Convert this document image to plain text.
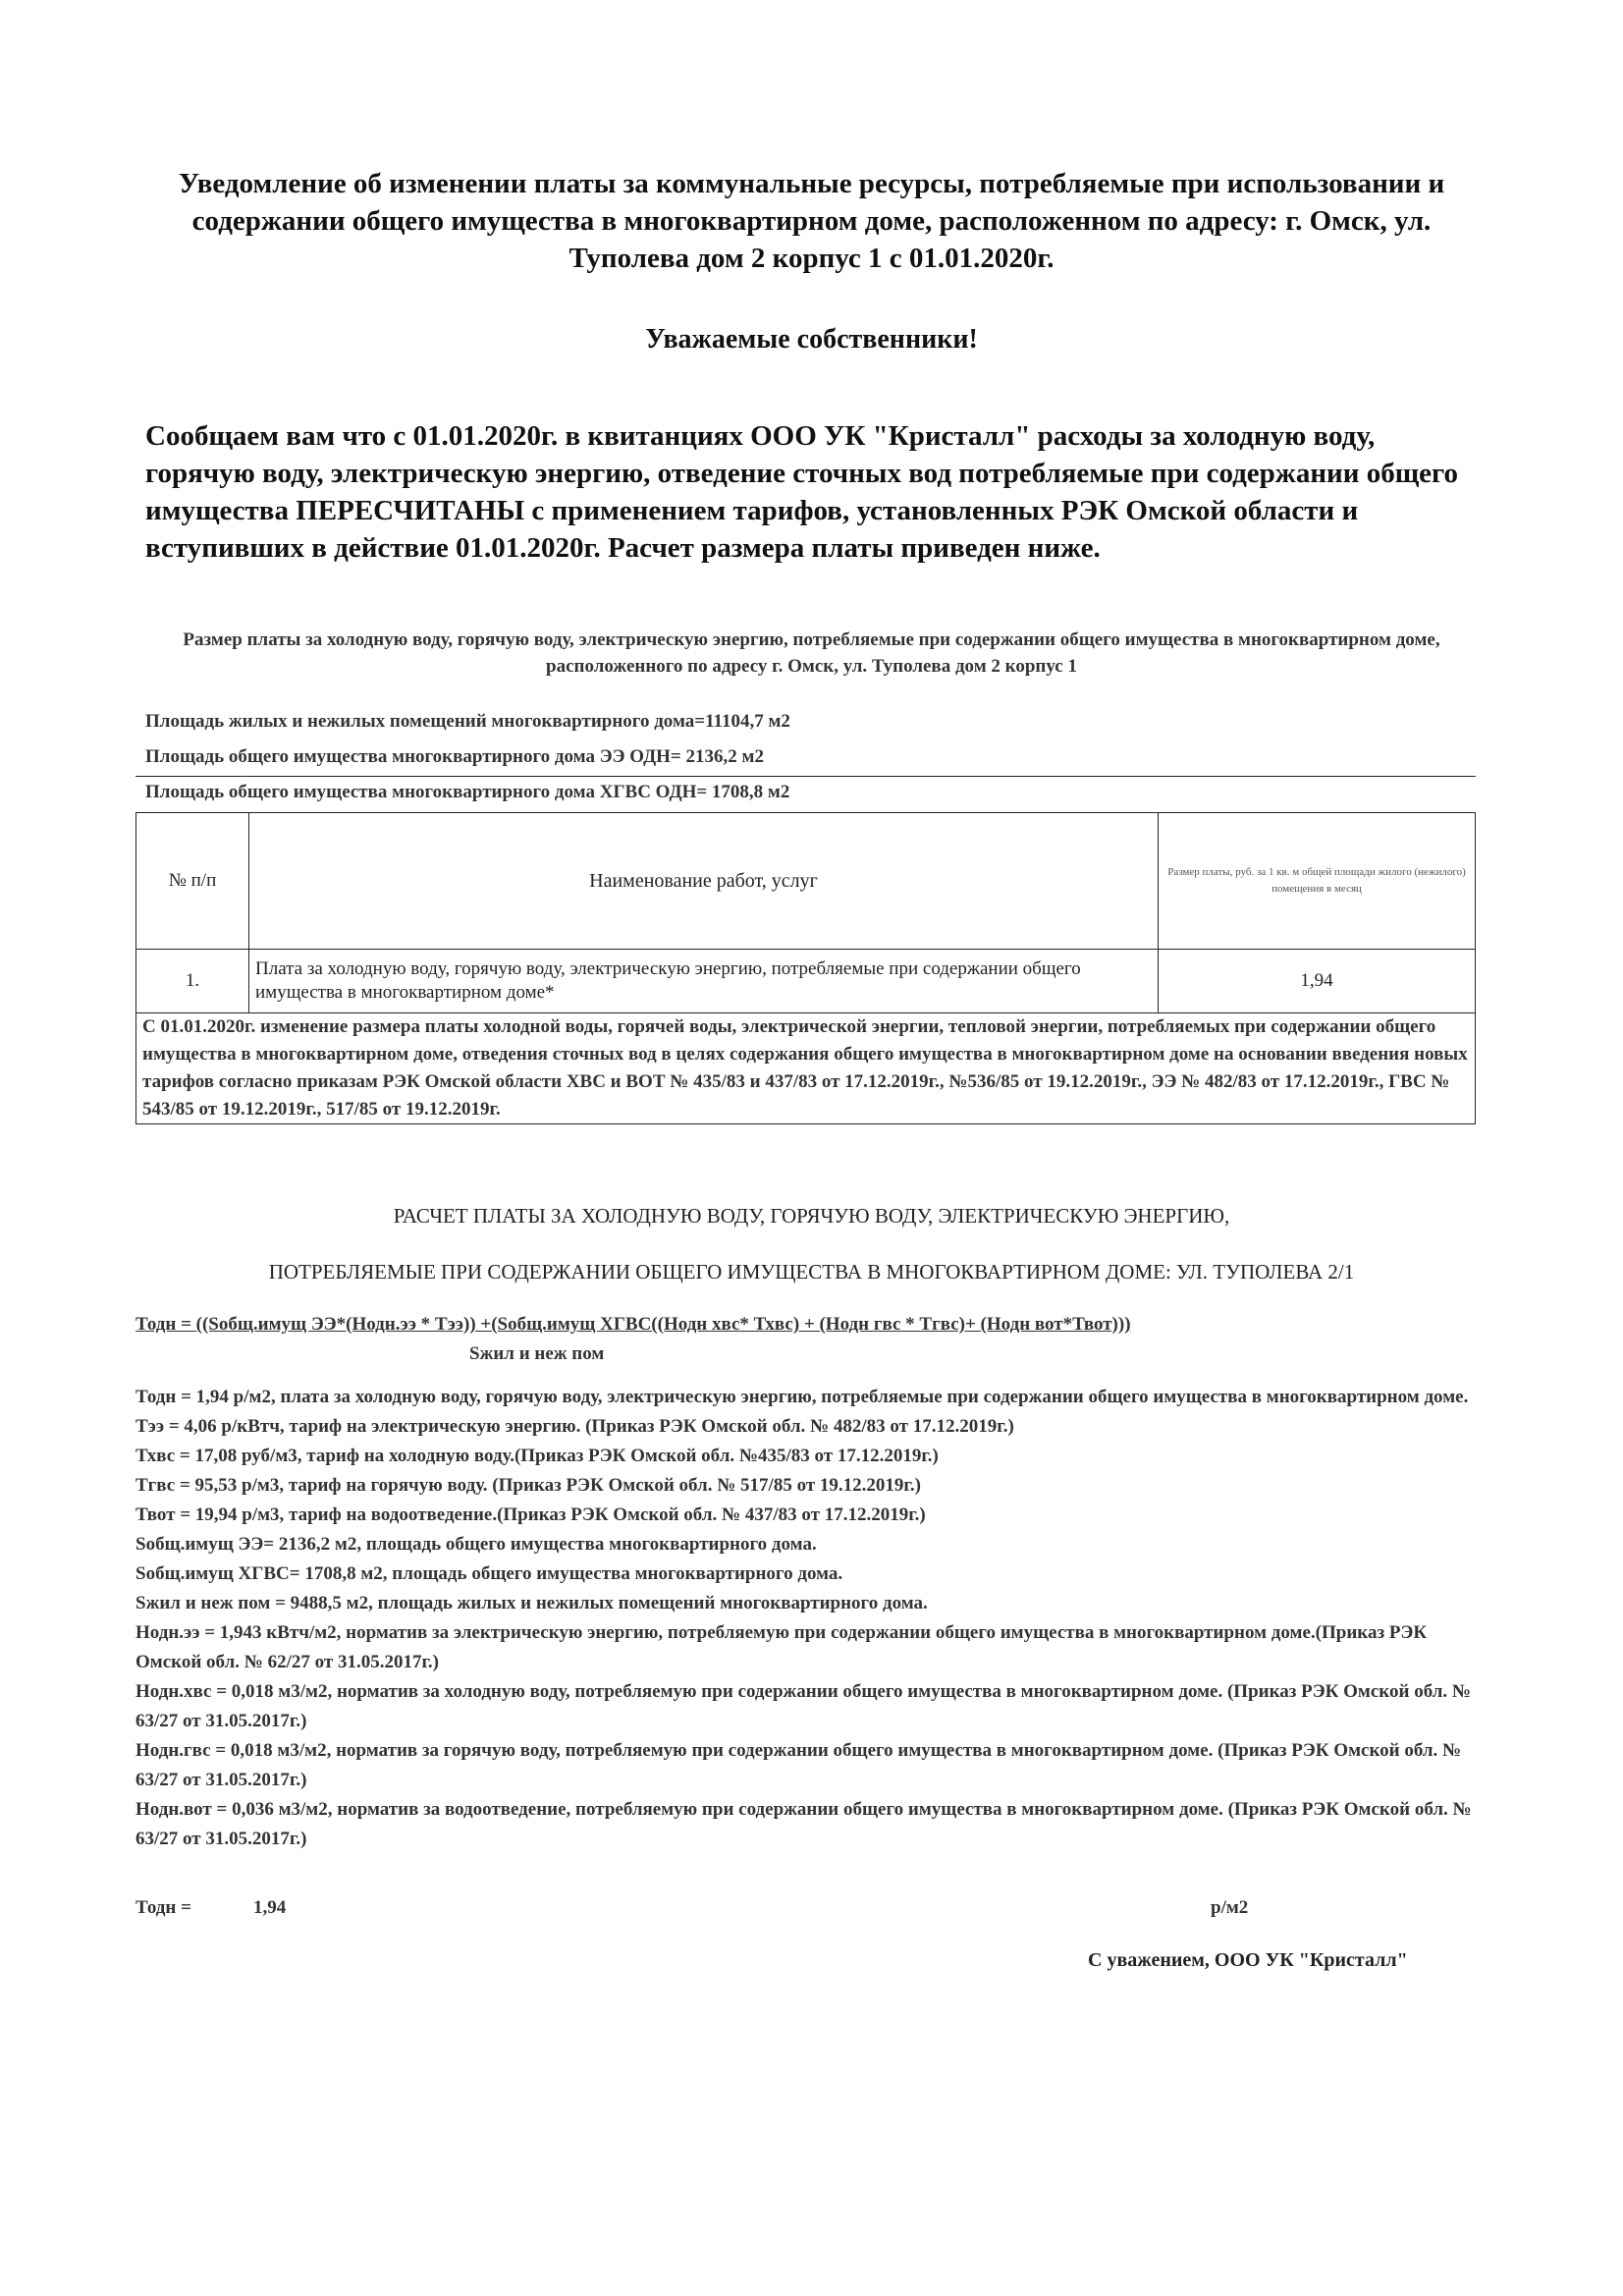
Уведомление об изменении платы за коммунальные ресурсы, потребляемые при использовании и содержании общего имущества в многоквартирном доме, расположенном по адресу: г. Омск, ул. Туполева дом 2 корпус 1 с 01.01.2020г.
Уважаемые собственники!
Сообщаем вам что с 01.01.2020г. в квитанциях ООО УК "Кристалл" расходы за холодную воду, горячую воду, электрическую энергию, отведение сточных вод потребляемые при содержании общего имущества ПЕРЕСЧИТАНЫ с применением тарифов, установленных РЭК Омской области и вступивших в действие 01.01.2020г. Расчет размера платы приведен ниже.
Размер платы за холодную воду, горячую воду, электрическую энергию, потребляемые при содержании общего имущества в многоквартирном доме, расположенного по адресу г. Омск, ул. Туполева дом 2 корпус 1
Площадь жилых и нежилых помещений многоквартирного дома=11104,7 м2
Площадь общего имущества многоквартирного дома ЭЭ ОДН= 2136,2 м2
Площадь общего имущества многоквартирного дома ХГВС ОДН= 1708,8 м2
№ п/п	Наименование работ, услуг	Размер платы, руб. за 1 кв. м общей площади жилого (нежилого) помещения в месяц
1.	Плата за холодную воду, горячую воду, электрическую энергию, потребляемые при содержании общего имущества в многоквартирном доме*	1,94
С 01.01.2020г. изменение размера платы холодной воды, горячей воды, электрической энергии, тепловой энергии, потребляемых при содержании общего имущества в многоквартирном доме, отведения сточных вод в целях содержания общего имущества в многоквартирном доме на основании введения новых тарифов согласно приказам РЭК Омской области ХВС и ВОТ № 435/83 и 437/83 от 17.12.2019г., №536/85 от 19.12.2019г., ЭЭ № 482/83 от 17.12.2019г., ГВС № 543/85 от 19.12.2019г., 517/85 от 19.12.2019г.		
РАСЧЕТ ПЛАТЫ ЗА ХОЛОДНУЮ ВОДУ, ГОРЯЧУЮ ВОДУ, ЭЛЕКТРИЧЕСКУЮ ЭНЕРГИЮ,
ПОТРЕБЛЯЕМЫЕ ПРИ СОДЕРЖАНИИ ОБЩЕГО ИМУЩЕСТВА В МНОГОКВАРТИРНОМ ДОМЕ: УЛ. ТУПОЛЕВА 2/1
Тодн = ((Sобщ.имущ ЭЭ*(Нодн.ээ * Тээ)) +(Sобщ.имущ ХГВС((Нодн хвс* Тхвс) + (Нодн гвс * Тгвс)+ (Нодн вот*Твот)))
Sжил и неж пом

Тодн = 1,94 р/м2, плата за холодную воду, горячую воду, электрическую энергию, потребляемые при содержании общего имущества в многоквартирном доме.

Тээ = 4,06 р/кВтч, тариф на электрическую энергию. (Приказ РЭК Омской обл. № 482/83 от 17.12.2019г.)

Тхвс = 17,08 руб/м3, тариф на холодную воду.(Приказ РЭК Омской обл. №435/83 от 17.12.2019г.)

Тгвс = 95,53 р/м3, тариф на горячую воду. (Приказ РЭК Омской обл. № 517/85 от 19.12.2019г.)

Твот = 19,94 р/м3, тариф на водоотведение.(Приказ РЭК Омской обл. № 437/83 от 17.12.2019г.)

Sобщ.имущ ЭЭ= 2136,2 м2, площадь общего имущества многоквартирного дома.

Sобщ.имущ ХГВС= 1708,8 м2, площадь общего имущества многоквартирного дома.

Sжил и неж пом = 9488,5 м2, площадь жилых и нежилых помещений многоквартирного дома.

Нодн.ээ = 1,943 кВтч/м2, норматив за электрическую энергию, потребляемую при содержании общего имущества в многоквартирном доме.(Приказ РЭК Омской обл. № 62/27 от 31.05.2017г.)

Нодн.хвс = 0,018 м3/м2, норматив за холодную воду, потребляемую при содержании общего имущества в многоквартирном доме. (Приказ РЭК Омской обл. № 63/27 от 31.05.2017г.)

Нодн.гвс = 0,018 м3/м2, норматив за горячую воду, потребляемую при содержании общего имущества в многоквартирном доме. (Приказ РЭК Омской обл. № 63/27 от 31.05.2017г.)

Нодн.вот = 0,036 м3/м2, норматив за водоотведение, потребляемую при содержании общего имущества в многоквартирном доме. (Приказ РЭК Омской обл. № 63/27 от 31.05.2017г.)

Тодн =	1,94	р/м2
С уважением, ООО УК "Кристалл"
